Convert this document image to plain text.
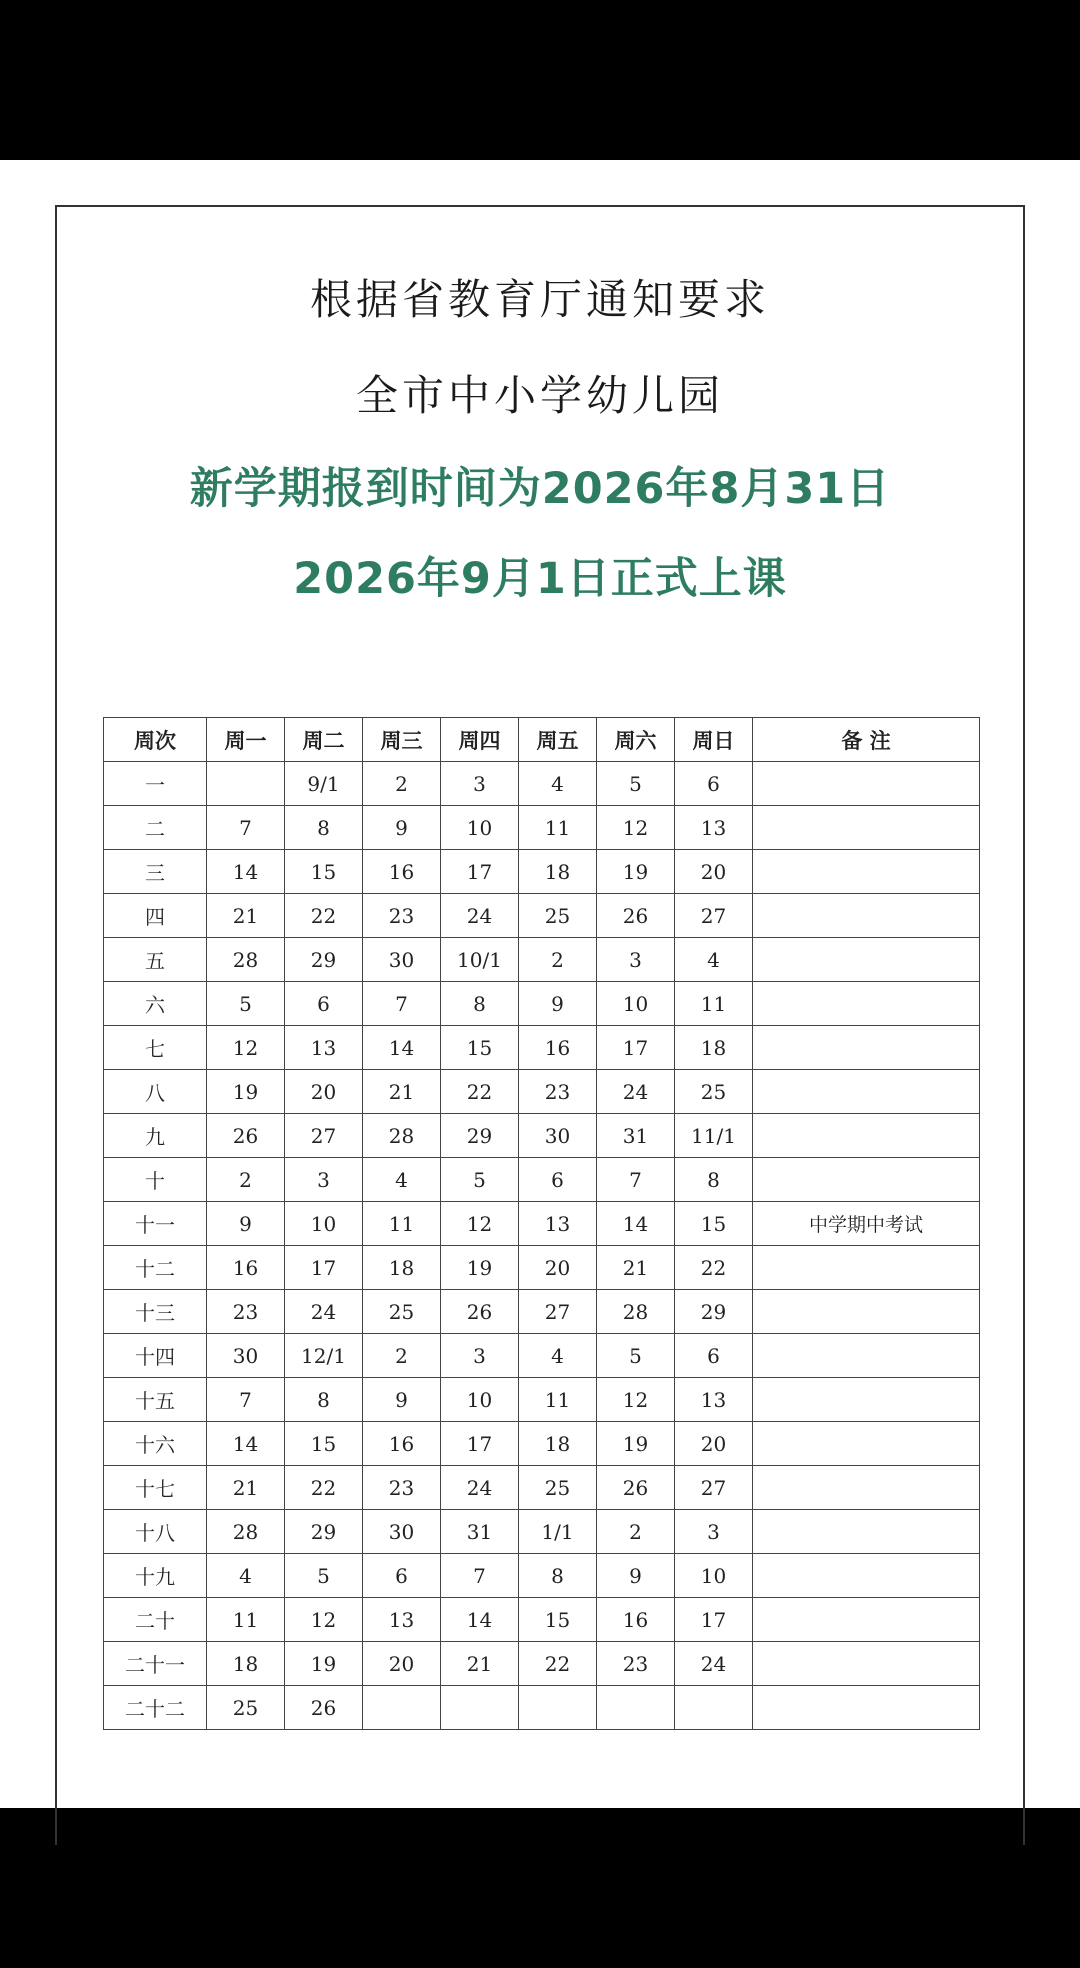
根据省教育厅通知要求

全市中小学幼儿园

新学期报到时间为2026年8月31日

2026年9月1日正式上课

周次	周一	周二	周三	周四	周五	周六	周日	备 注
一		9/1	2	3	4	5	6	
二	7	8	9	10	11	12	13	
三	14	15	16	17	18	19	20	
四	21	22	23	24	25	26	27	
五	28	29	30	10/1	2	3	4	
六	5	6	7	8	9	10	11	
七	12	13	14	15	16	17	18	
八	19	20	21	22	23	24	25	
九	26	27	28	29	30	31	11/1	
十	2	3	4	5	6	7	8	
十一	9	10	11	12	13	14	15	中学期中考试
十二	16	17	18	19	20	21	22	
十三	23	24	25	26	27	28	29	
十四	30	12/1	2	3	4	5	6	
十五	7	8	9	10	11	12	13	
十六	14	15	16	17	18	19	20	
十七	21	22	23	24	25	26	27	
十八	28	29	30	31	1/1	2	3	
十九	4	5	6	7	8	9	10	
二十	11	12	13	14	15	16	17	
二十一	18	19	20	21	22	23	24	
二十二	25	26						
